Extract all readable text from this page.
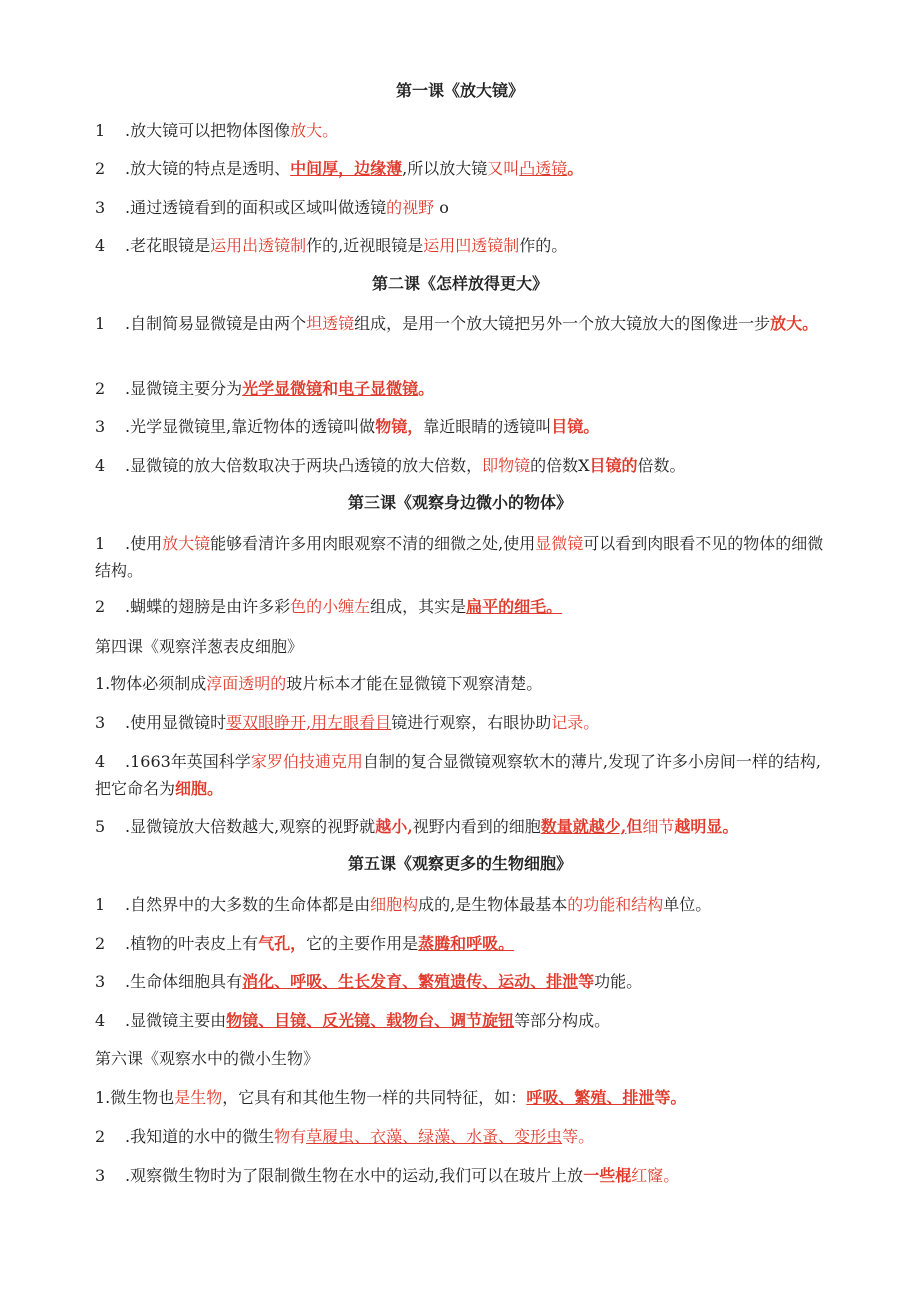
第一课《放大镜》
1 .放大镜可以把物体图像放大。
2 .放大镜的特点是透明、中间厚，边缘薄,所以放大镜又叫凸透镜。
3 .通过透镜看到的面积或区域叫做透镜的视野 o
4 .老花眼镜是运用出透镜制作的,近视眼镜是运用凹透镜制作的。
第二课《怎样放得更大》
1 .自制简易显微镜是由两个坦透镜组成，是用一个放大镜把另外一个放大镜放大的图像进一步放大。
2 .显微镜主要分为光学显微镜和电子显微镜。
3 .光学显微镜里,靠近物体的透镜叫做物镜，靠近眼睛的透镜叫目镜。
4 .显微镜的放大倍数取决于两块凸透镜的放大倍数，即物镜的倍数X目镜的倍数。
第三课《观察身边微小的物体》
1 .使用放大镜能够看清许多用肉眼观察不清的细微之处,使用显微镜可以看到肉眼看不见的物体的细微结构。
2 .蝴蝶的翅膀是由许多彩色的小缠左组成，其实是扁平的细毛。
第四课《观察洋葱表皮细胞》
1.物体必须制成淳面透明的玻片标本才能在显微镜下观察清楚。
3 .使用显微镜时要双眼睁开,用左眼看目镜进行观察，右眼协助记录。
4 .1663年英国科学家罗伯技逋克用自制的复合显微镜观察软木的薄片,发现了许多小房间一样的结构,把它命名为细胞。
5 .显微镜放大倍数越大,观察的视野就越小,视野内看到的细胞数量就越少,但细节越明显。
第五课《观察更多的生物细胞》
1 .自然界中的大多数的生命体都是由细胞构成的,是生物体最基本的功能和结构单位。
2 .植物的叶表皮上有气孔，它的主要作用是蒸腾和呼吸。
3 .生命体细胞具有消化、呼吸、生长发育、繁殖遗传、运动、排泄等功能。
4 .显微镜主要由物镜、目镜、反光镜、载物台、调节旋钮等部分构成。
第六课《观察水中的微小生物》
1.微生物也是生物，它具有和其他生物一样的共同特征，如：呼吸、繁殖、排泄等。
2 .我知道的水中的微生物有草履虫、衣藻、绿藻、水蚤、变形虫等。
3 .观察微生物时为了限制微生物在水中的运动,我们可以在玻片上放一些棍红窿。
